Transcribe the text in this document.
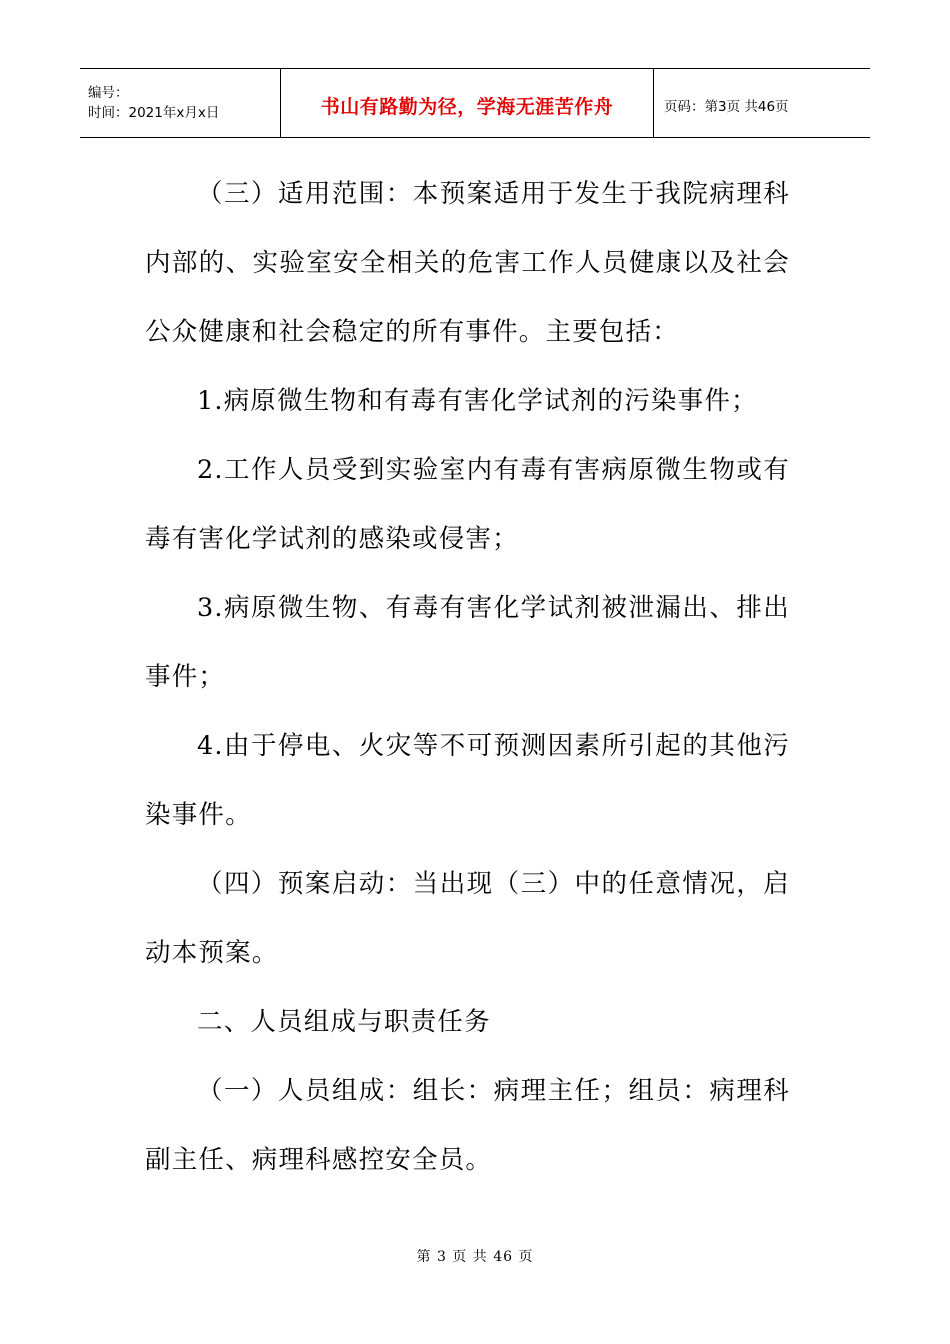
编号：
时间：2021年x月x日	书山有路勤为径，学海无涯苦作舟	页码：第3页 共46页

（三）适用范围：本预案适用于发生于我院病理科内部的、实验室安全相关的危害工作人员健康以及社会公众健康和社会稳定的所有事件。主要包括：

1.病原微生物和有毒有害化学试剂的污染事件；

2.工作人员受到实验室内有毒有害病原微生物或有毒有害化学试剂的感染或侵害；

3.病原微生物、有毒有害化学试剂被泄漏出、排出事件；

4.由于停电、火灾等不可预测因素所引起的其他污染事件。

（四）预案启动：当出现（三）中的任意情况，启动本预案。

二、人员组成与职责任务

（一）人员组成：组长：病理主任；组员：病理科副主任、病理科感控安全员。

第 3 页 共 46 页
